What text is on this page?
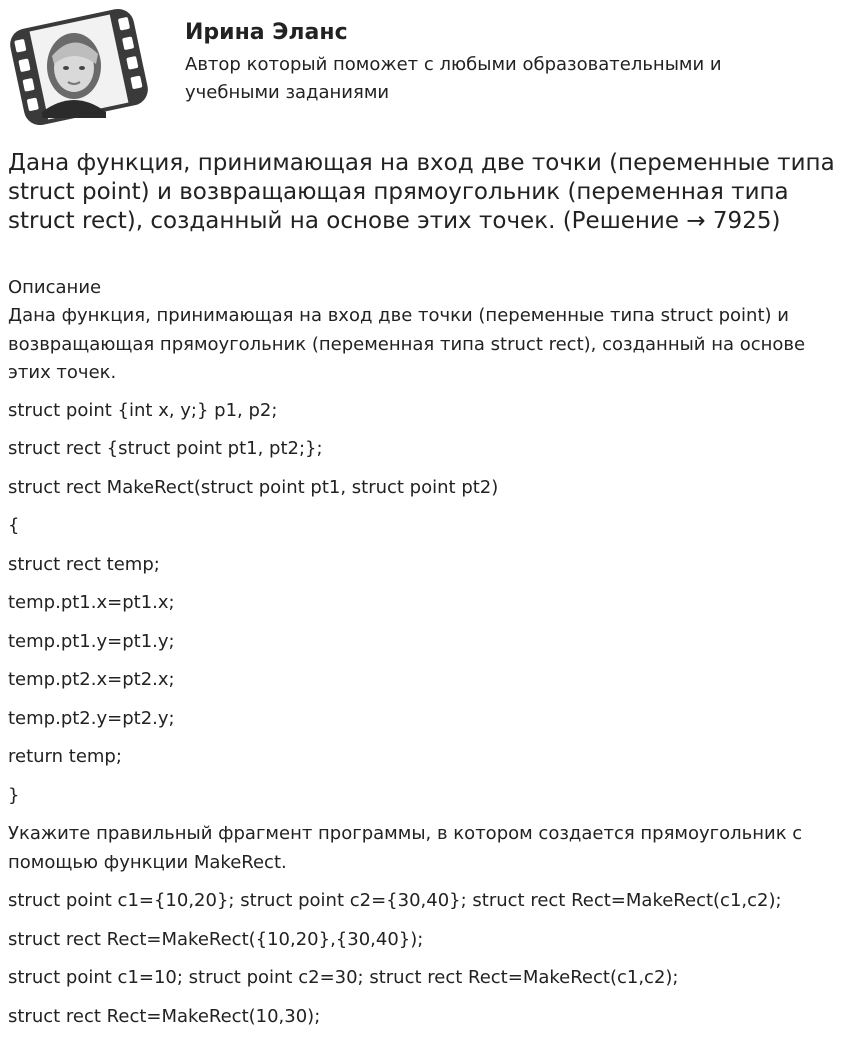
Ирина Эланс
Автор который поможет с любыми образовательными и учебными заданиями
Дана функция, принимающая на вход две точки (переменные типа struct point) и возвращающая прямоугольник (переменная типа struct rect), созданный на основе этих точек. (Решение → 7925)
Описание
Дана функция, принимающая на вход две точки (переменные типа struct point) и возвращающая прямоугольник (переменная типа struct rect), созданный на основе этих точек.
struct point {int x, y;} p1, p2;
struct rect {struct point pt1, pt2;};
struct rect MakeRect(struct point pt1, struct point pt2)
{
struct rect temp;
temp.pt1.x=pt1.x;
temp.pt1.y=pt1.y;
temp.pt2.x=pt2.x;
temp.pt2.y=pt2.y;
return temp;
}
Укажите правильный фрагмент программы, в котором создается прямоугольник с помощью функции MakeRect.
struct point c1={10,20}; struct point c2={30,40}; struct rect Rect=MakeRect(c1,c2);
struct rect Rect=MakeRect({10,20},{30,40});
struct point c1=10; struct point c2=30; struct rect Rect=MakeRect(c1,c2);
struct rect Rect=MakeRect(10,30);
